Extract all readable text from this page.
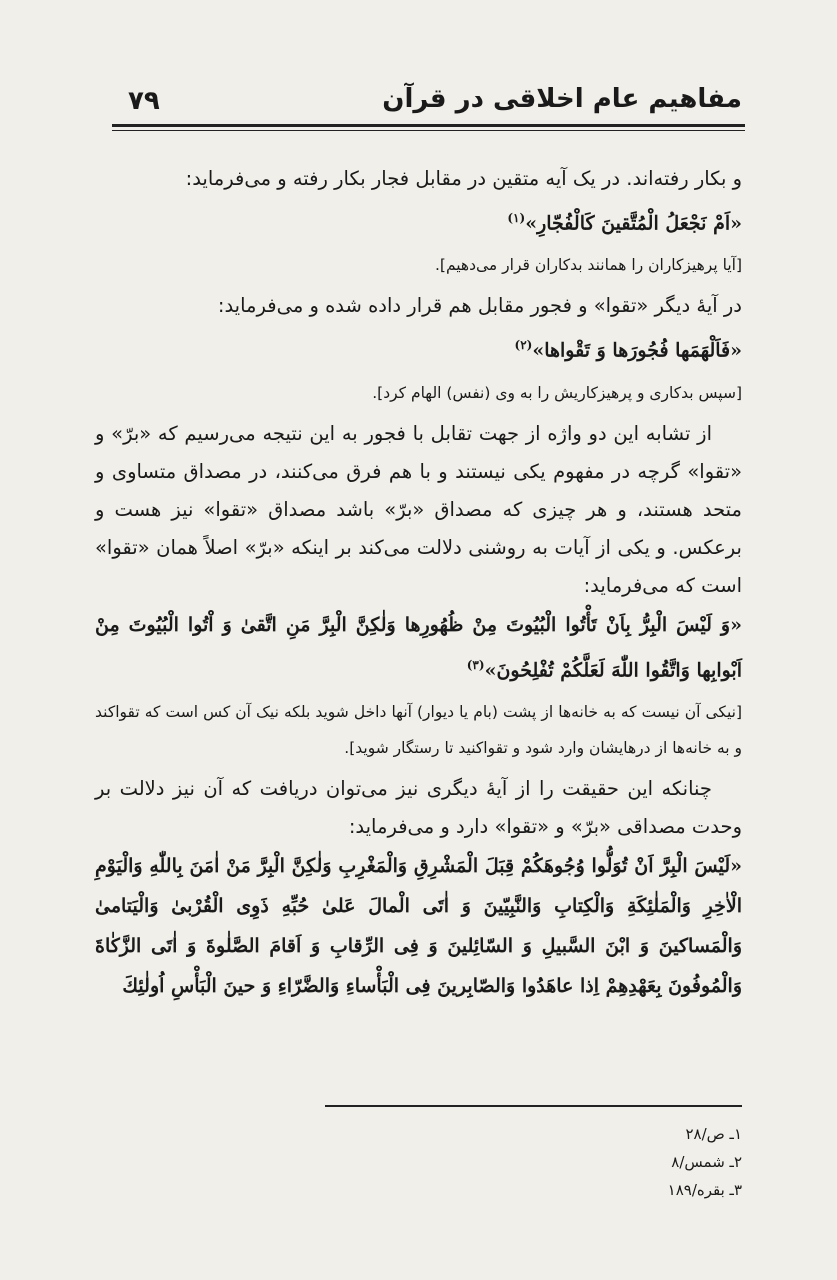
۷۹	مفاهیم عام اخلاقی در قرآن

و بکار رفته‌اند. در یک آیه متقین در مقابل فجار بکار رفته و می‌فرماید:

«اَمْ نَجْعَلُ الْمُتَّقینَ كَالْفُجّارِ»$^{(۱)}$

[آیا پرهیزکاران را همانند بدکاران قرار می‌دهیم].

در آیهٔ دیگر «تقوا» و فجور مقابل هم قرار داده شده و می‌فرماید:

«فَاَلْهَمَها فُجُورَها وَ تَقْواها»$^{(۲)}$

[سپس بدکاری و پرهیزکاریش را به وی (نفس) الهام کرد].

از تشابه این دو واژه از جهت تقابل با فجور به این نتیجه می‌رسیم که «برّ» و «تقوا» گرچه در مفهوم یکی نیستند و با هم فرق می‌کنند، در مصداق متساوی و متحد هستند، و هر چیزی که مصداق «برّ» باشد مصداق «تقوا» نیز هست و برعکس. و یکی از آیات به روشنی دلالت می‌کند بر اینکه «برّ» اصلاً همان «تقوا» است که می‌فرماید:

«وَ لَیْسَ الْبِرُّ بِاَنْ تَأْتُوا الْبُیُوتَ مِنْ ظُهُورِها وَلٰكِنَّ الْبِرَّ مَنِ اتَّقیٰ وَ اْتُوا الْبُیُوتَ مِنْ اَبْوابِها وَاتَّقُوا اللّٰهَ لَعَلَّكُمْ تُفْلِحُونَ»$^{(۳)}$

[نیکی آن نیست که به خانه‌ها از پشت (بام یا دیوار) آنها داخل شوید بلکه نیک آن کس است که تقواکند و به خانه‌ها از درهایشان وارد شود و تقواکنید تا رستگار شوید].

چنانکه این حقیقت را از آیهٔ دیگری نیز می‌توان دریافت که آن نیز دلالت بر وحدت مصداقی «برّ» و «تقوا» دارد و می‌فرماید:

«لَیْسَ الْبِرَّ اَنْ تُوَلُّوا وُجُوهَكُمْ قِبَلَ الْمَشْرِقِ وَالْمَغْرِبِ وَلٰكِنَّ الْبِرَّ مَنْ اٰمَنَ بِاللّٰهِ وَالْیَوْمِ الْاٰخِرِ وَالْمَلٰئِكَةِ وَالْكِتابِ وَالنَّبِیّینَ وَ اٰتَی الْمالَ عَلیٰ حُبِّهِ ذَوِی الْقُرْبیٰ وَالْیَتامیٰ وَالْمَساكینَ وَ ابْنَ السَّبیلِ وَ السّائِلینَ وَ فِی الرِّقابِ وَ اَقامَ الصَّلٰوةَ وَ اٰتَی الزَّكٰاةَ وَالْمُوفُونَ بِعَهْدِهِمْ اِذا عاهَدُوا وَالصّابِرینَ فِی الْبَأْساءِ وَالضَّرّاءِ وَ حینَ الْبَأْسِ اُولٰئِكَ

۱ـ ص/۲۸
۲ـ شمس/۸
۳ـ بقره/۱۸۹
